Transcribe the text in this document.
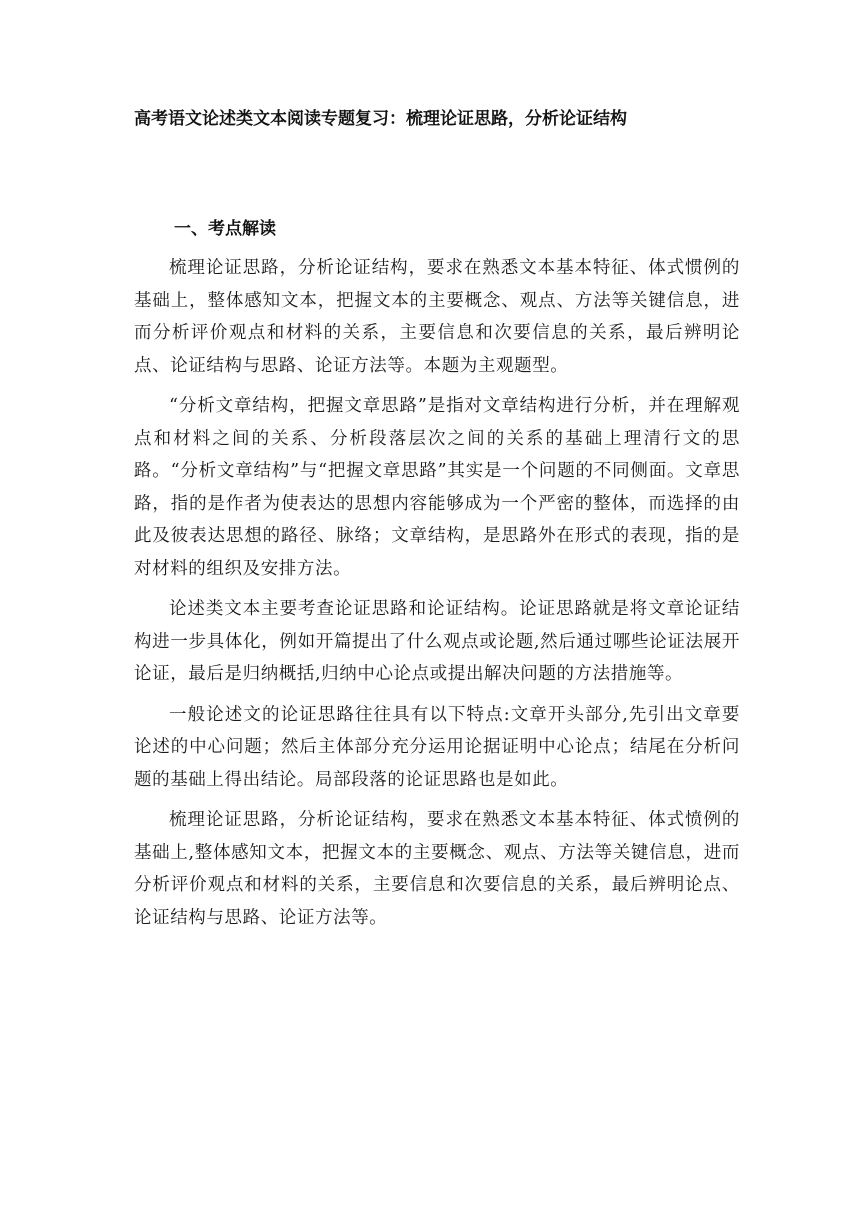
高考语文论述类文本阅读专题复习：梳理论证思路，分析论证结构
一、考点解读

梳理论证思路，分析论证结构，要求在熟悉文本基本特征、体式惯例的基础上，整体感知文本，把握文本的主要概念、观点、方法等关键信息，进而分析评价观点和材料的关系，主要信息和次要信息的关系，最后辨明论点、论证结构与思路、论证方法等。本题为主观题型。

“分析文章结构，把握文章思路”是指对文章结构进行分析，并在理解观点和材料之间的关系、分析段落层次之间的关系的基础上理清行文的思路。“分析文章结构”与“把握文章思路”其实是一个问题的不同侧面。文章思路，指的是作者为使表达的思想内容能够成为一个严密的整体，而选择的由此及彼表达思想的路径、脉络；文章结构，是思路外在形式的表现，指的是对材料的组织及安排方法。

论述类文本主要考查论证思路和论证结构。论证思路就是将文章论证结构进一步具体化，例如开篇提出了什么观点或论题,然后通过哪些论证法展开论证，最后是归纳概括,归纳中心论点或提出解决问题的方法措施等。

一般论述文的论证思路往往具有以下特点:文章开头部分,先引出文章要论述的中心问题；然后主体部分充分运用论据证明中心论点；结尾在分析问题的基础上得出结论。局部段落的论证思路也是如此。

梳理论证思路，分析论证结构，要求在熟悉文本基本特征、体式愤例的基础上,整体感知文本，把握文本的主要概念、观点、方法等关键信息，进而分析评价观点和材料的关系，主要信息和次要信息的关系，最后辨明论点、论证结构与思路、论证方法等。
